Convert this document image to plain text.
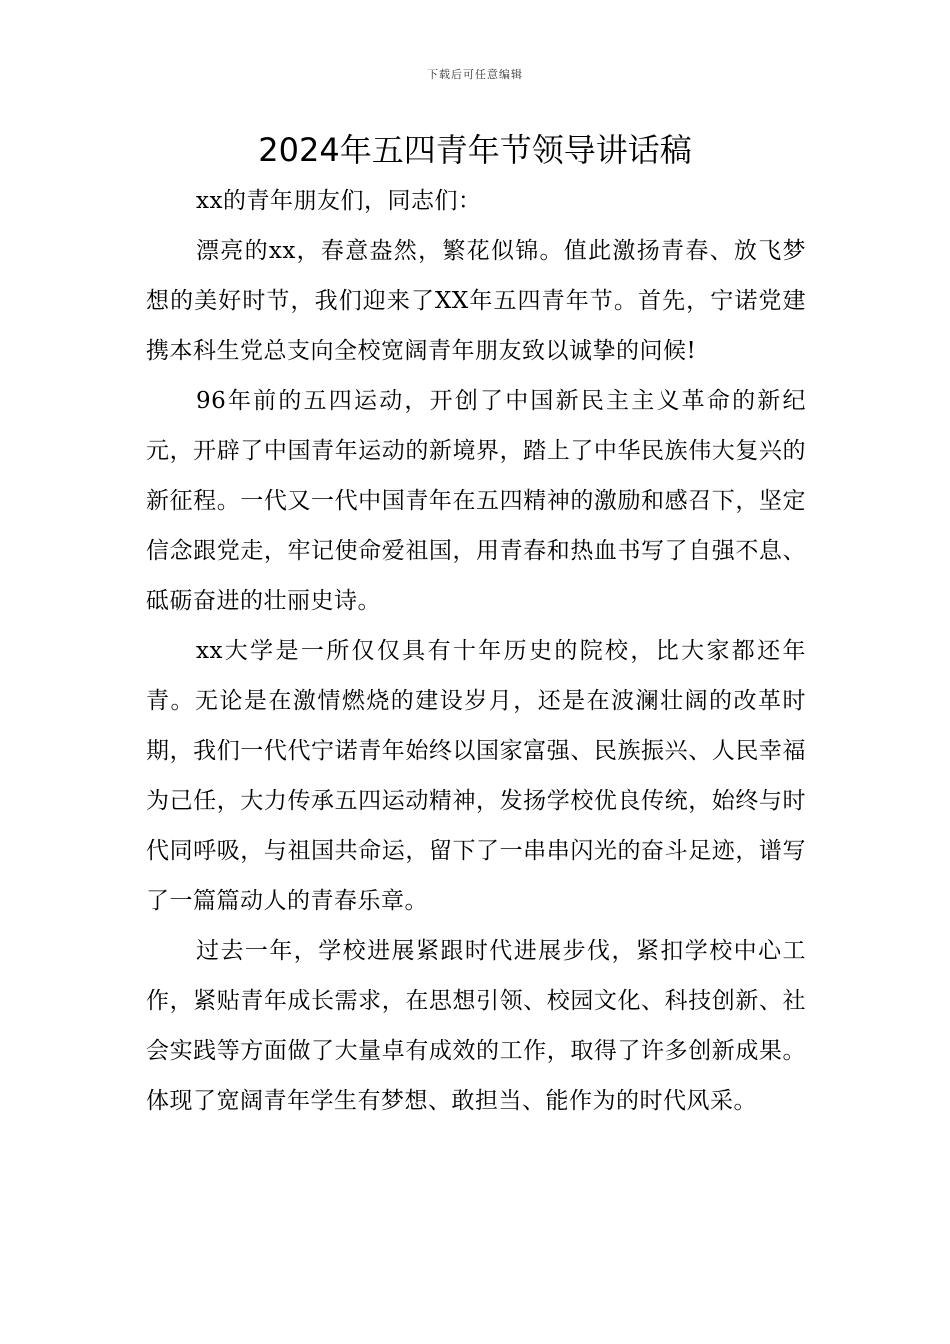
下载后可任意编辑
2024年五四青年节领导讲话稿

xx的青年朋友们，同志们：

漂亮的xx，春意盎然，繁花似锦。值此激扬青春、放飞梦想的美好时节，我们迎来了XX年五四青年节。首先，宁诺党建携本科生党总支向全校宽阔青年朋友致以诚挚的问候!

96年前的五四运动，开创了中国新民主主义革命的新纪元，开辟了中国青年运动的新境界，踏上了中华民族伟大复兴的新征程。一代又一代中国青年在五四精神的激励和感召下，坚定信念跟党走，牢记使命爱祖国，用青春和热血书写了自强不息、砥砺奋进的壮丽史诗。

xx大学是一所仅仅具有十年历史的院校，比大家都还年青。无论是在激情燃烧的建设岁月，还是在波澜壮阔的改革时期，我们一代代宁诺青年始终以国家富强、民族振兴、人民幸福为己任，大力传承五四运动精神，发扬学校优良传统，始终与时代同呼吸，与祖国共命运，留下了一串串闪光的奋斗足迹，谱写了一篇篇动人的青春乐章。

过去一年，学校进展紧跟时代进展步伐，紧扣学校中心工作，紧贴青年成长需求，在思想引领、校园文化、科技创新、社会实践等方面做了大量卓有成效的工作，取得了许多创新成果。体现了宽阔青年学生有梦想、敢担当、能作为的时代风采。
